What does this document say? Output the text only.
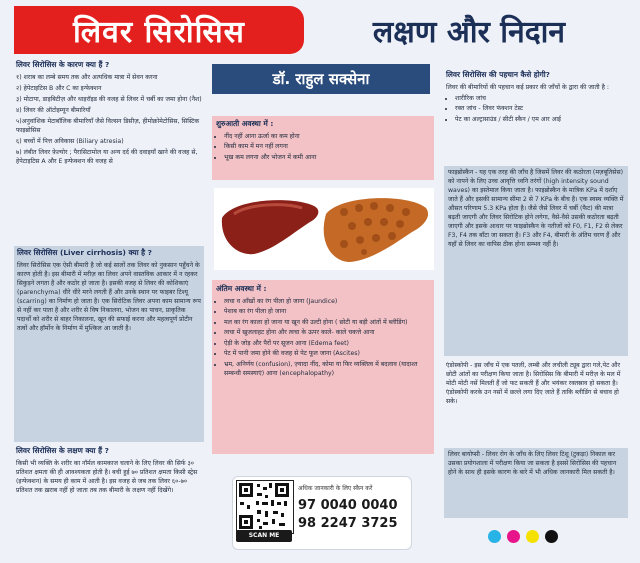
लिवर सिरोसिस	लक्षण और निदान
लिवर सिरोसिस के कारण क्या हैं ?
१) शराब का लम्बे समय तक और अत्यधिक मात्रा में सेवन करना
२) हेपेटाइटिस B और C का इन्फेक्शन
३) मोटापा, डाइबिटीज़ और थाइरॉइड की वजह से लिवर में चर्बी का जमा होना (नैश)
४) लिवर की ऑटोइम्यून बीमारियाँ
५)अनुवांशिक मेटाबॉलिक बीमारियाँ जैसे विल्सन डिसीज़, हीमोक्रोमेटोसिस, सिस्टिक फाइब्रोसिस
६) बच्चों में पित्त अविकास (Biliary atresia)
७) लंबीत लिवर फ़ेल्योर ; पैरासिटामोल या अन्य दर्द की दवाइयाँ खाने की वजह से, हेपेटाइटिस A और E इन्फेक्शन की वजह से
लिवर सिरोसिस (Liver cirrhosis) क्या है ?
लिवर सिरोसिस एक ऐसी बीमारी है जो कई सालों तक लिवर को नुकसान पहुँचने के कारण होती है। इस बीमारी में मरीज़ का लिवर अपने वास्तविक आकार में न रहकर सिकुड़ने लगता है और कठोर हो जाता है। इसकी वजह से लिवर की कोशिकाएं (parenchyma) धीरे धीरे मरने लगती हैं और उनके स्थान पर फाइबर टिश्यू (scarring) का निर्माण हो जाता है। एक सिरोटिक लिवर अपना काम सामान्य रूप से नहीं कर पाता है और शरीर से विष निकालना, भोजन का पाचन, प्राकृतिक पदार्थों को शरीर से बाहर निकालना, खून की सफाई करना और महत्वपूर्ण प्रोटीन तत्वों और हॉर्मोन के निर्माण में मुश्किल आ जाती है।
लिवर सिरोसिस के लक्षण क्या हैं ?
किसी भी व्यक्ति के शरीर का नॉर्मल कामकाज चलाने के लिए लिवर की सिर्फ ३० प्रतिशत क्षमता की ही आवश्यकता होती है। बची हुई ७० प्रतिशत क्षमता किसी स्ट्रेस (इन्फेक्शन) के समय ही काम में आती है। इस वजह से जब तक लिवर ६०-७० प्रतिशत तक ख़राब नहीं हो जाता तब तक बीमारी के लक्षण नहीं दिखेंगे।
डॉ. राहुल सक्सेना
शुरुआती अवस्था में :
• नींद नहीं आना ऊर्जा का कम होना
• किसी काम में मन नहीं लगना
• भूख कम लगना और भोजन में कमी आना
अंतिम अवस्था में :
• त्वचा व आँखों का रंग पीला हो जाना (Jaundice)
• पेशाब का रंग पीला हो जाना
• मल का रंग काला हो जाना या खून की उल्टी होना ( छोटी या बड़ी आंतों में ब्लीडिंग)
• त्वचा में खुजलाहट होना और त्वचा के ऊपर काले- काले चकत्ते आना
• ऐड़ी के जोड़ और पैरों पर सूजन आना (Edema feet)
• पेट में पानी जमा होने की वजह से पेट फूल जाना (Ascites)
• भ्रम, अनिर्णय (confusion), ज़्यादा नींद, कोमा या फिर व्यक्तित्व में बदलाव (यादाश्त सम्बन्धी समस्याएं) आना (encephalopathy)
SCAN ME
अधिक जानकारी के लिए स्कैन करें
97 0040 0040
98 2247 3725
लिवर सिरोसिस की पहचान कैसे होगी?
लिवर की बीमारियों की पहचान कई प्रकार की जाँचों के द्वारा की जाती है :
• शारीरिक जांच
• रक्त जांच - लिवर फंक्शन टेस्ट
• पेट का अल्ट्रासाउंड / सीटी स्कैन / एम आर आई
फाइब्रोस्कैन - यह एक तरह की जाँच है जिसमें लिवर की कठोरता (मज़बूतिसेस) को नापने के लिए उच्च आवृत्ति ध्वनि तरंगों (high intensity sound waves) का इस्तेमाल किया जाता है। फाइब्रोस्कैन के मात्रिक KPa में दर्शाए जाते हैं और इसकी सामान्य सीमा 2 से 7 KPa के बीच है। एक स्वस्थ व्यक्ति में औसत परिणाम 5.3 KPa होता है। जैसे जैसे लिवर में चर्बी (फैट) की मात्रा बढ़ती जाएगी और लिवर सिरोटिक होने लगेगा, वैसे-वैसे उसकी कठोरता बढ़ती जाएगी और इसके आधार पर फाइब्रोस्कैन के नतीजों को F0, F1, F2 से लेकर F3, F4 तक बाँटा जा सकता है। F3 और F4, बीमारी के अंतिम चरण हैं और यहाँ से लिवर का वापिस ठीक होना सम्भव नहीं है।
एंडोस्कोपी - इस जाँच में एक पतली, लम्बी और लचीली ट्यूब द्वारा गले,पेट और छोटी आंतों का परीक्षण किया जाता है। सिरोसिस कि बीमारी में मरीज़ के मल में मोटी मोटी नसें मिलती हैं जो फट सकती हैं और भयंकर रक्तस्राव हो सकता है। एंडोस्कोपी करके उन नसों में छल्ले लगा दिए जाते हैं ताकि ब्लीडिंग से बचाव हो सके।
लिवर बायोप्सी - लिवर रोग के जाँच के लिए लिवर टिशू (टुकड़ा) निकाल कर उसका प्रयोगशाला में परीक्षण किया जा सकता है इससे सिरोसिस की पहचान होने के साथ ही इसके कारण के बारे में भी अधिक जानकारी मिल सकती है।
